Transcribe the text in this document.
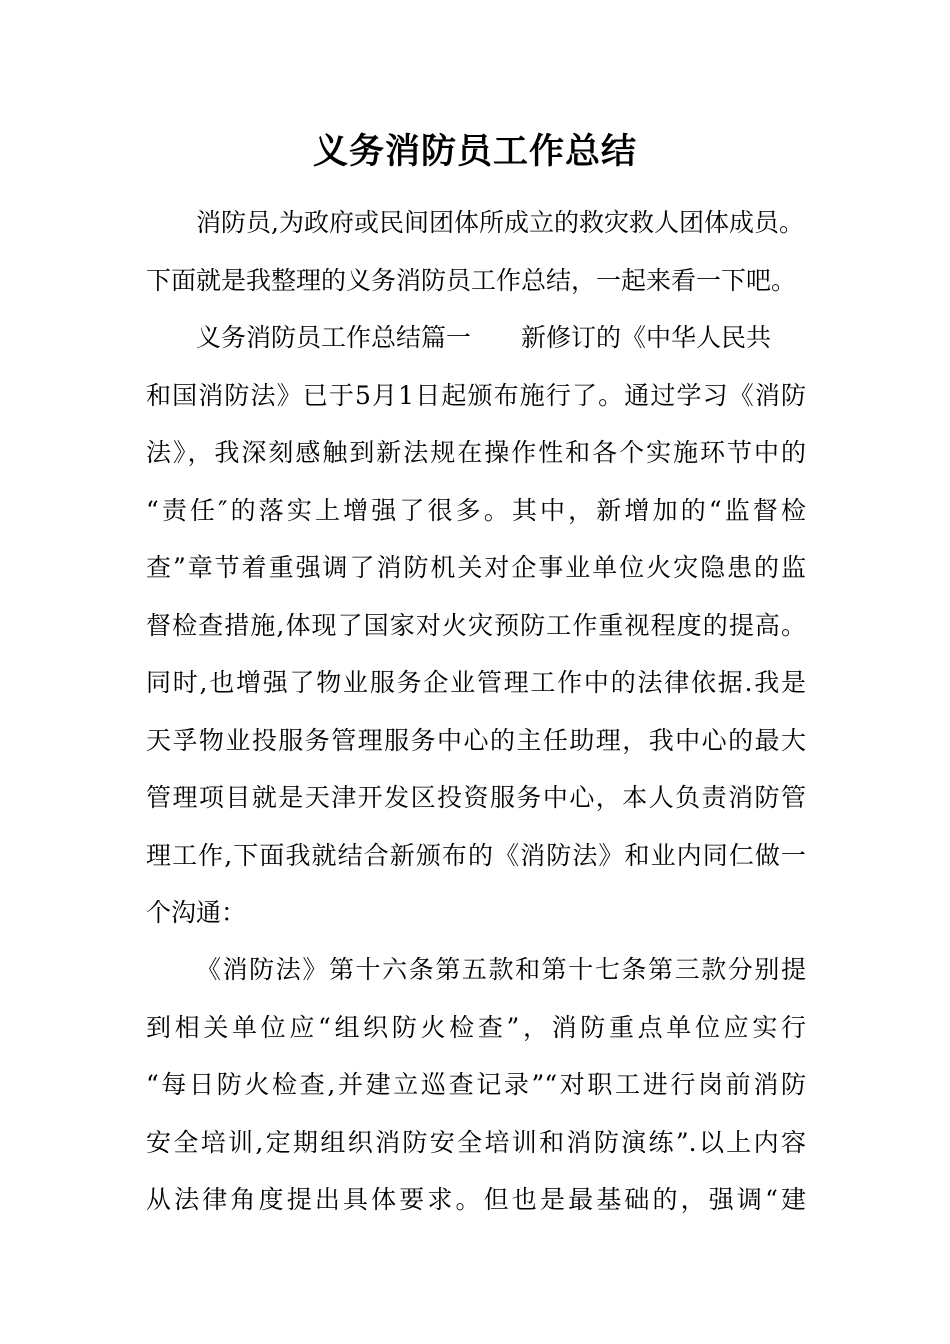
义务消防员工作总结
消防员,为政府或民间团体所成立的救灾救人团体成员。
下面就是我整理的义务消防员工作总结，一起来看一下吧。
义务消防员工作总结篇一　　新修订的《中华人民共
和国消防法》已于5月1日起颁布施行了。通过学习《消防
法》，我深刻感触到新法规在操作性和各个实施环节中的
“责任″的落实上增强了很多。其中，新增加的“监督检
查”章节着重强调了消防机关对企事业单位火灾隐患的监
督检查措施,体现了国家对火灾预防工作重视程度的提高。
同时,也增强了物业服务企业管理工作中的法律依据.我是
天孚物业投服务管理服务中心的主任助理，我中心的最大
管理项目就是天津开发区投资服务中心，本人负责消防管
理工作,下面我就结合新颁布的《消防法》和业内同仁做一
个沟通：
《消防法》第十六条第五款和第十七条第三款分别提
到相关单位应“组织防火检查”，消防重点单位应实行
“每日防火检查,并建立巡查记录”“对职工进行岗前消防
安全培训,定期组织消防安全培训和消防演练”.以上内容
从法律角度提出具体要求。但也是最基础的，强调“建
